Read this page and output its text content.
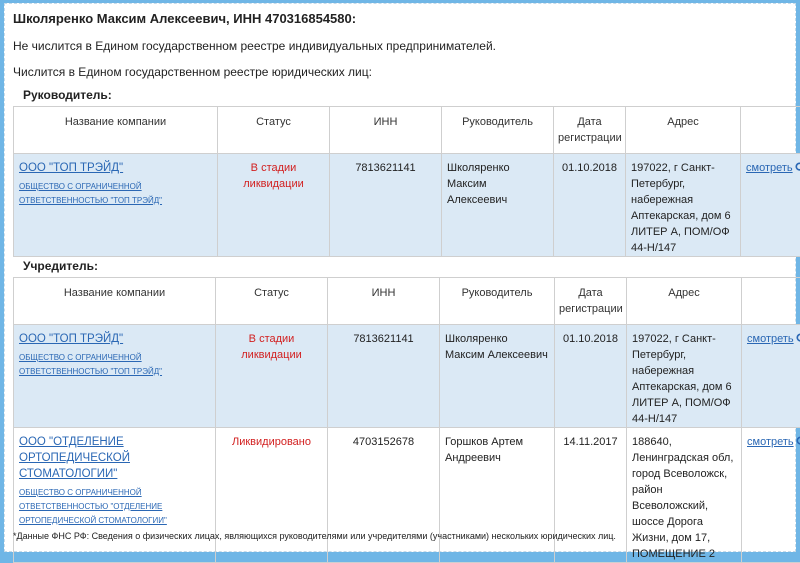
Школяренко Максим Алексеевич, ИНН 470316854580:
Не числится в Едином государственном реестре индивидуальных предпринимателей.
Числится в Едином государственном реестре юридических лиц:
Руководитель:
Название компании	Статус	ИНН	Руководитель	Дата регистрации	Адрес	

ООО "ТОП ТРЭЙД"
ОБЩЕСТВО С ОГРАНИЧЕННОЙ ОТВЕТСТВЕННОСТЬЮ "ТОП ТРЭЙД"	В стадии ликвидации	7813621141	Школяренко Максим Алексеевич	01.10.2018	197022, г Санкт-Петербург, набережная Аптекарская, дом 6 ЛИТЕР А, ПОМ/ОФ 44-Н/147	смотреть
Учредитель:
Название компании	Статус	ИНН	Руководитель	Дата регистрации	Адрес	

ООО "ТОП ТРЭЙД"
ОБЩЕСТВО С ОГРАНИЧЕННОЙ ОТВЕТСТВЕННОСТЬЮ "ТОП ТРЭЙД"	В стадии ликвидации	7813621141	Школяренко Максим Алексеевич	01.10.2018	197022, г Санкт-Петербург, набережная Аптекарская, дом 6 ЛИТЕР А, ПОМ/ОФ 44-Н/147	смотреть

ООО "ОТДЕЛЕНИЕ ОРТОПЕДИЧЕСКОЙ СТОМАТОЛОГИИ"
ОБЩЕСТВО С ОГРАНИЧЕННОЙ ОТВЕТСТВЕННОСТЬЮ "ОТДЕЛЕНИЕ ОРТОПЕДИЧЕСКОЙ СТОМАТОЛОГИИ"	Ликвидировано	4703152678	Горшков Артем Андреевич	14.11.2017	188640, Ленинградская обл, город Всеволожск, район Всеволожский, шоссе Дорога Жизни, дом 17, ПОМЕЩЕНИЕ 2	смотреть
*Данные ФНС РФ: Сведения о физических лицах, являющихся руководителями или учредителями (участниками) нескольких юридических лиц.
